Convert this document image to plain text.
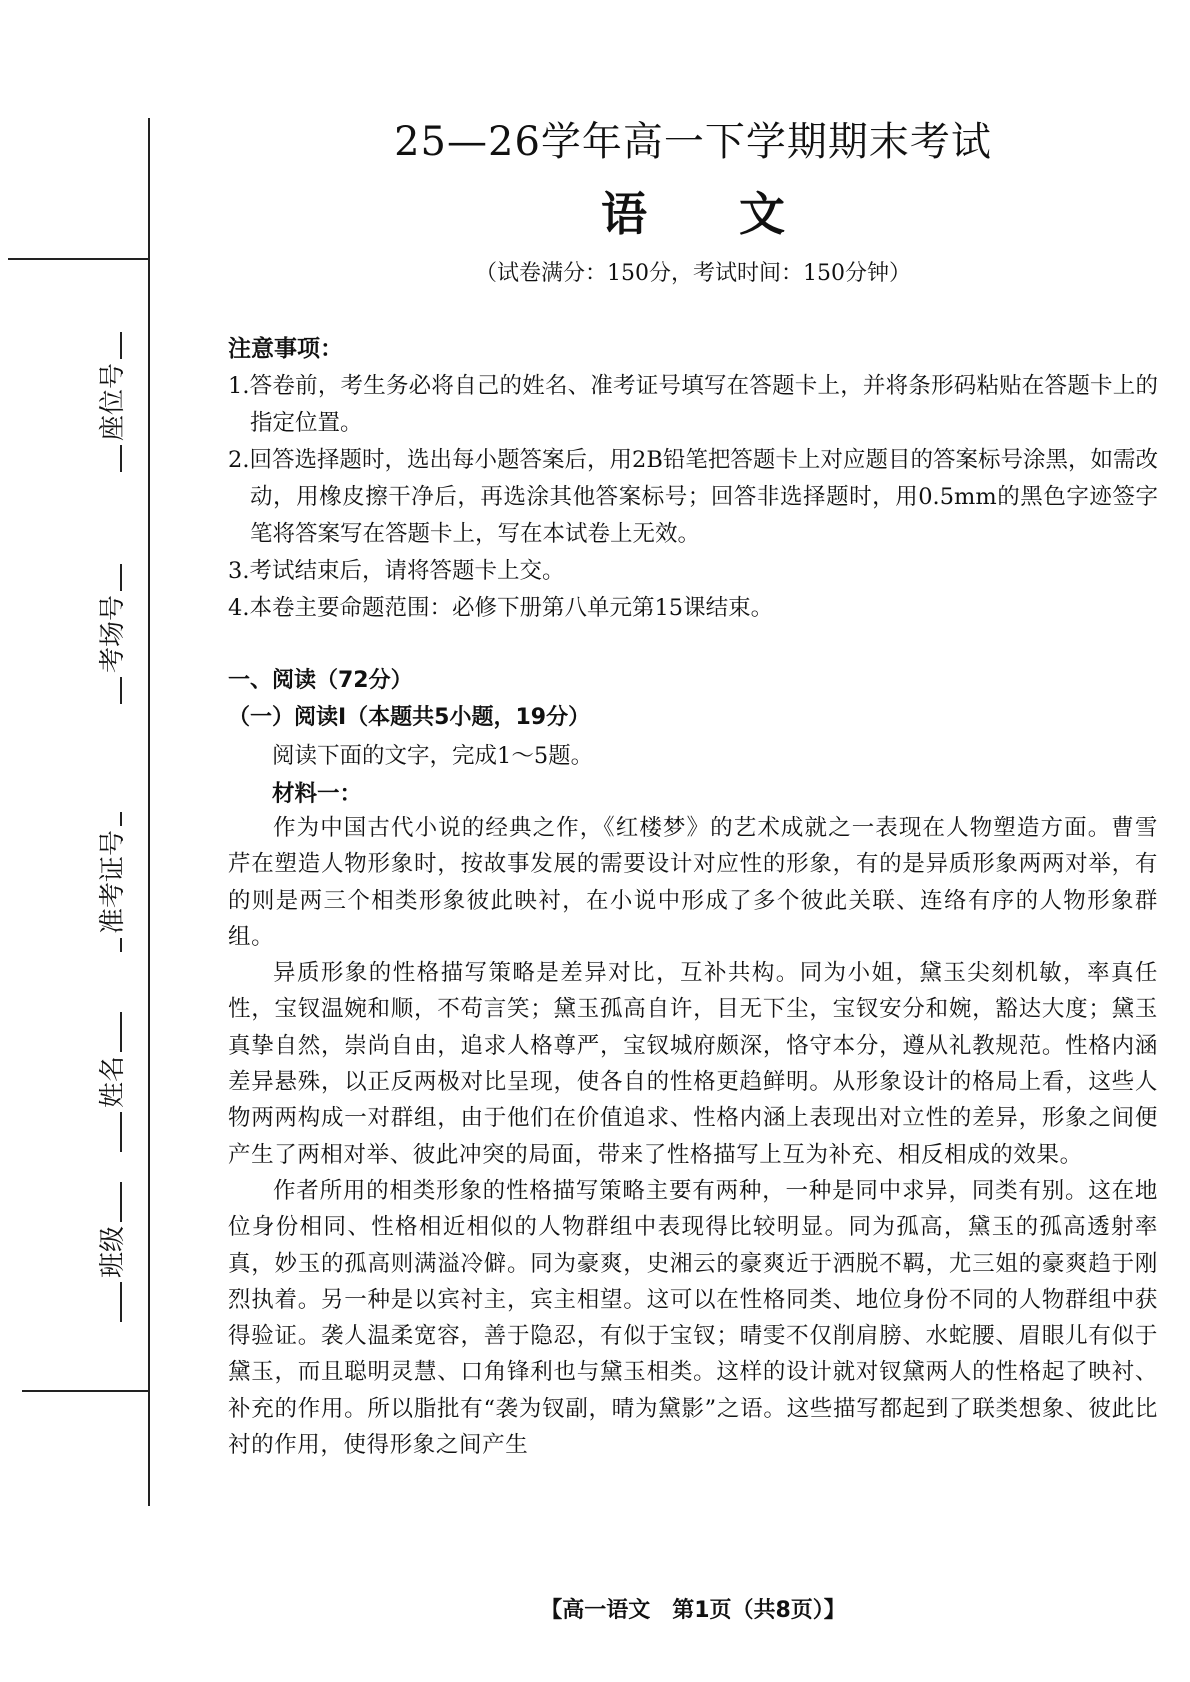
座位号
考场号
准考证号
姓名
班级
25—26学年高一下学期期末考试
语　　文
（试卷满分：150分，考试时间：150分钟）
注意事项：

1.答卷前，考生务必将自己的姓名、准考证号填写在答题卡上，并将条形码粘贴在答题卡上的指定位置。

2.回答选择题时，选出每小题答案后，用2B铅笔把答题卡上对应题目的答案标号涂黑，如需改动，用橡皮擦干净后，再选涂其他答案标号；回答非选择题时，用0.5mm的黑色字迹签字笔将答案写在答题卡上，写在本试卷上无效。

3.考试结束后，请将答题卡上交。

4.本卷主要命题范围：必修下册第八单元第15课结束。

一、阅读（72分）
（一）阅读Ⅰ（本题共5小题，19分）
阅读下面的文字，完成1～5题。
材料一：

作为中国古代小说的经典之作，《红楼梦》的艺术成就之一表现在人物塑造方面。曹雪芹在塑造人物形象时，按故事发展的需要设计对应性的形象，有的是异质形象两两对举，有的则是两三个相类形象彼此映衬，在小说中形成了多个彼此关联、连络有序的人物形象群组。

异质形象的性格描写策略是差异对比，互补共构。同为小姐，黛玉尖刻机敏，率真任性，宝钗温婉和顺，不苟言笑；黛玉孤高自许，目无下尘，宝钗安分和婉，豁达大度；黛玉真挚自然，崇尚自由，追求人格尊严，宝钗城府颇深，恪守本分，遵从礼教规范。性格内涵差异悬殊，以正反两极对比呈现，使各自的性格更趋鲜明。从形象设计的格局上看，这些人物两两构成一对群组，由于他们在价值追求、性格内涵上表现出对立性的差异，形象之间便产生了两相对举、彼此冲突的局面，带来了性格描写上互为补充、相反相成的效果。

作者所用的相类形象的性格描写策略主要有两种，一种是同中求异，同类有别。这在地位身份相同、性格相近相似的人物群组中表现得比较明显。同为孤高，黛玉的孤高透射率真，妙玉的孤高则满溢冷僻。同为豪爽，史湘云的豪爽近于洒脱不羁，尤三姐的豪爽趋于刚烈执着。另一种是以宾衬主，宾主相望。这可以在性格同类、地位身份不同的人物群组中获得验证。袭人温柔宽容，善于隐忍，有似于宝钗；晴雯不仅削肩膀、水蛇腰、眉眼儿有似于黛玉，而且聪明灵慧、口角锋利也与黛玉相类。这样的设计就对钗黛两人的性格起了映衬、补充的作用。所以脂批有“袭为钗副，晴为黛影”之语。这些描写都起到了联类想象、彼此比衬的作用，使得形象之间产生

【高一语文　第1页（共8页）】
